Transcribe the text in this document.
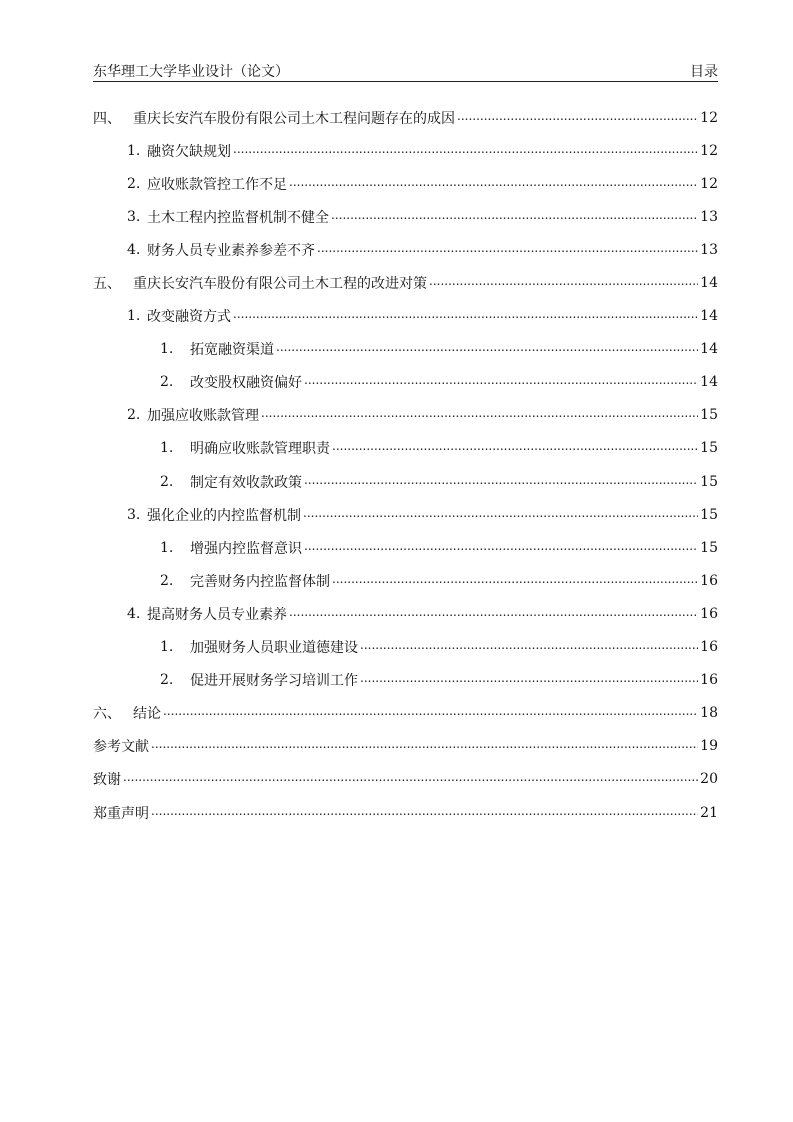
东华理工大学毕业设计（论文）	目录
四、 重庆长安汽车股份有限公司土木工程问题存在的成因 .....	12
1. 融资欠缺规划 .....	12
2. 应收账款管控工作不足 .....	12
3. 土木工程内控监督机制不健全 .....	13
4. 财务人员专业素养参差不齐 .....	13
五、 重庆长安汽车股份有限公司土木工程的改进对策 .....	14
1. 改变融资方式 .....	14
1.	拓宽融资渠道 .....	14
2.	改变股权融资偏好 .....	14
2. 加强应收账款管理 .....	15
1.	明确应收账款管理职责 .....	15
2.	制定有效收款政策 .....	15
3. 强化企业的内控监督机制 .....	15
1.	增强内控监督意识 .....	15
2.	完善财务内控监督体制 .....	16
4. 提高财务人员专业素养 .....	16
1.	加强财务人员职业道德建设 .....	16
2.	促进开展财务学习培训工作 .....	16
六、 结论 .....	18
参考文献 .....	19
致谢 .....	20
郑重声明 .....	21
